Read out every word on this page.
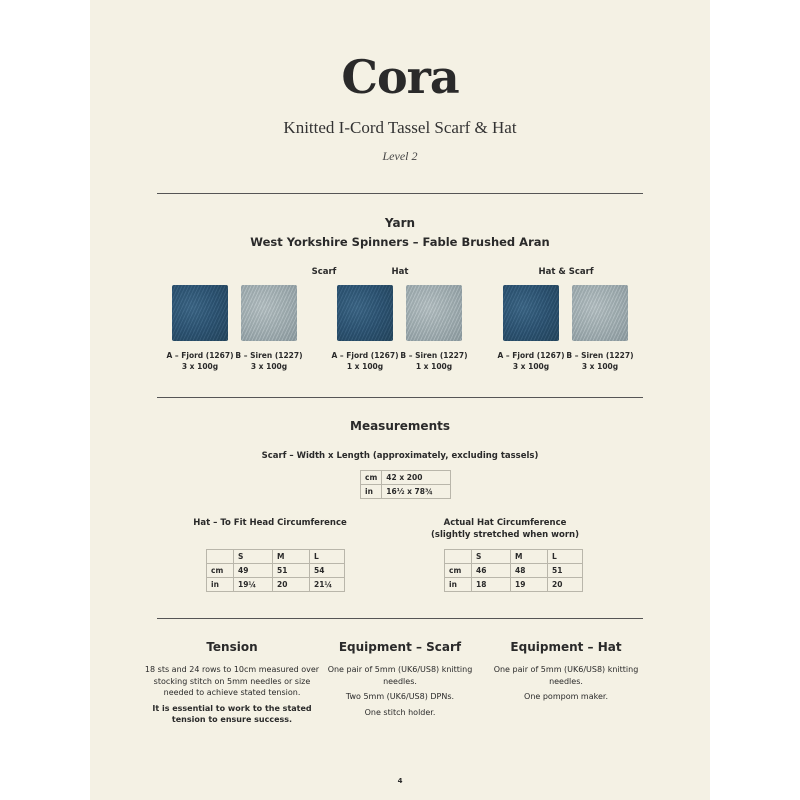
Cora
Knitted I-Cord Tassel Scarf & Hat
Level 2
Yarn
West Yorkshire Spinners – Fable Brushed Aran
Scarf
A – Fjord (1267)
3 x 100g
B – Siren (1227)
3 x 100g
Hat
A – Fjord (1267)
1 x 100g
B – Siren (1227)
1 x 100g
Hat & Scarf
A – Fjord (1267)
3 x 100g
B – Siren (1227)
3 x 100g
Measurements
Scarf – Width x Length (approximately, excluding tassels)
cm	42 x 200
in	16½ x 78¾
Hat – To Fit Head Circumference
	S	M	L
cm	49	51	54
in	19¼	20	21¼
Actual Hat Circumference
(slightly stretched when worn)
	S	M	L
cm	46	48	51
in	18	19	20
Tension

18 sts and 24 rows to 10cm measured over stocking stitch on 5mm needles or size needed to achieve stated tension.

It is essential to work to the stated tension to ensure success.

Equipment – Scarf

One pair of 5mm (UK6/US8) knitting needles.

Two 5mm (UK6/US8) DPNs.

One stitch holder.

Equipment – Hat

One pair of 5mm (UK6/US8) knitting needles.

One pompom maker.

4
